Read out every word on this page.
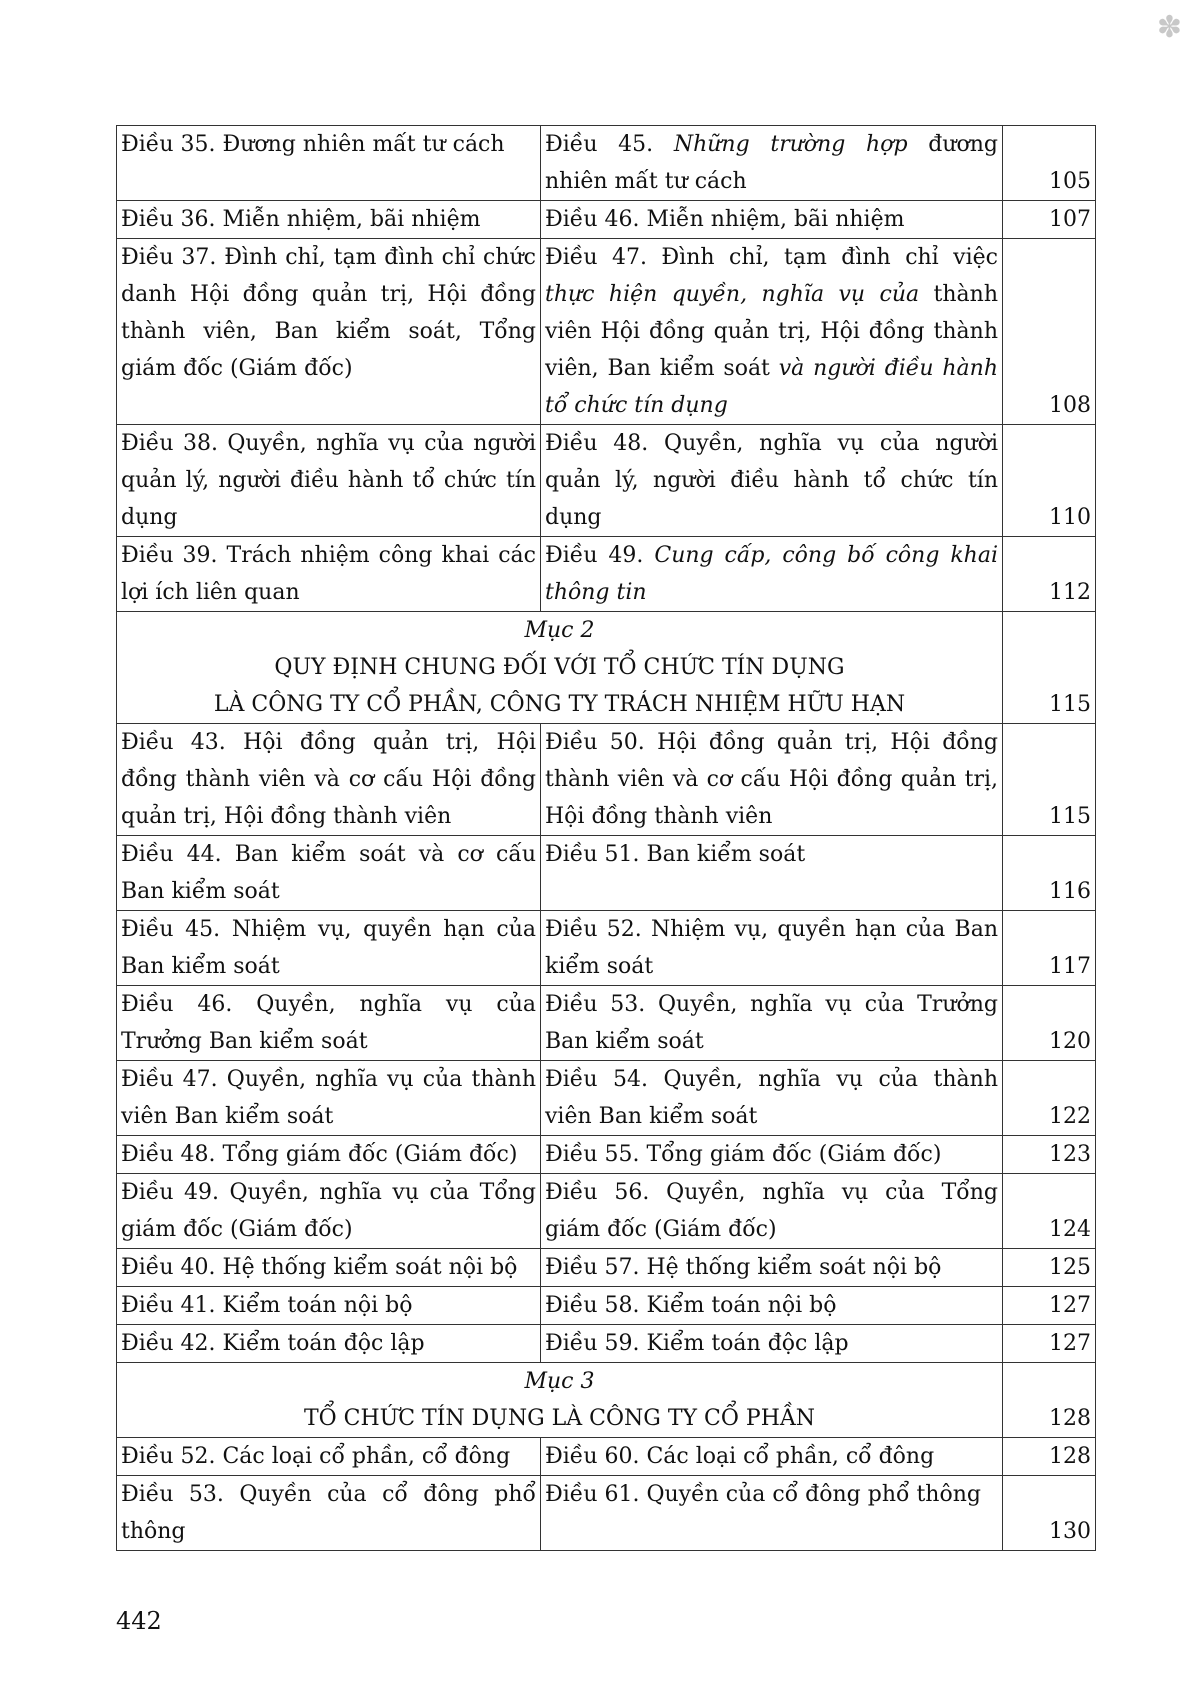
✽
Điều 35. Đương nhiên mất tư cách	Điều 45. Những trường hợp đương nhiên mất tư cách	105
Điều 36. Miễn nhiệm, bãi nhiệm	Điều 46. Miễn nhiệm, bãi nhiệm	107
Điều 37. Đình chỉ, tạm đình chỉ chức danh Hội đồng quản trị, Hội đồng thành viên, Ban kiểm soát, Tổng giám đốc (Giám đốc)	Điều 47. Đình chỉ, tạm đình chỉ việc thực hiện quyền, nghĩa vụ của thành viên Hội đồng quản trị, Hội đồng thành viên, Ban kiểm soát và người điều hành tổ chức tín dụng	108
Điều 38. Quyền, nghĩa vụ của người quản lý, người điều hành tổ chức tín dụng	Điều 48. Quyền, nghĩa vụ của người quản lý, người điều hành tổ chức tín dụng	110
Điều 39. Trách nhiệm công khai các lợi ích liên quan	Điều 49. Cung cấp, công bố công khai thông tin	112

Mục 2
QUY ĐỊNH CHUNG ĐỐI VỚI TỔ CHỨC TÍN DỤNG
LÀ CÔNG TY CỔ PHẦN, CÔNG TY TRÁCH NHIỆM HỮU HẠN		115
Điều 43. Hội đồng quản trị, Hội đồng thành viên và cơ cấu Hội đồng quản trị, Hội đồng thành viên	Điều 50. Hội đồng quản trị, Hội đồng thành viên và cơ cấu Hội đồng quản trị, Hội đồng thành viên	115
Điều 44. Ban kiểm soát và cơ cấu Ban kiểm soát	Điều 51. Ban kiểm soát	116
Điều 45. Nhiệm vụ, quyền hạn của Ban kiểm soát	Điều 52. Nhiệm vụ, quyền hạn của Ban kiểm soát	117
Điều 46. Quyền, nghĩa vụ của Trưởng Ban kiểm soát	Điều 53. Quyền, nghĩa vụ của Trưởng Ban kiểm soát	120
Điều 47. Quyền, nghĩa vụ của thành viên Ban kiểm soát	Điều 54. Quyền, nghĩa vụ của thành viên Ban kiểm soát	122
Điều 48. Tổng giám đốc (Giám đốc)	Điều 55. Tổng giám đốc (Giám đốc)	123
Điều 49. Quyền, nghĩa vụ của Tổng giám đốc (Giám đốc)	Điều 56. Quyền, nghĩa vụ của Tổng giám đốc (Giám đốc)	124
Điều 40. Hệ thống kiểm soát nội bộ	Điều 57. Hệ thống kiểm soát nội bộ	125
Điều 41. Kiểm toán nội bộ	Điều 58. Kiểm toán nội bộ	127
Điều 42. Kiểm toán độc lập	Điều 59. Kiểm toán độc lập	127

Mục 3
TỔ CHỨC TÍN DỤNG LÀ CÔNG TY CỔ PHẦN		128
Điều 52. Các loại cổ phần, cổ đông	Điều 60. Các loại cổ phần, cổ đông	128
Điều 53. Quyền của cổ đông phổ thông	Điều 61. Quyền của cổ đông phổ thông	130
442
